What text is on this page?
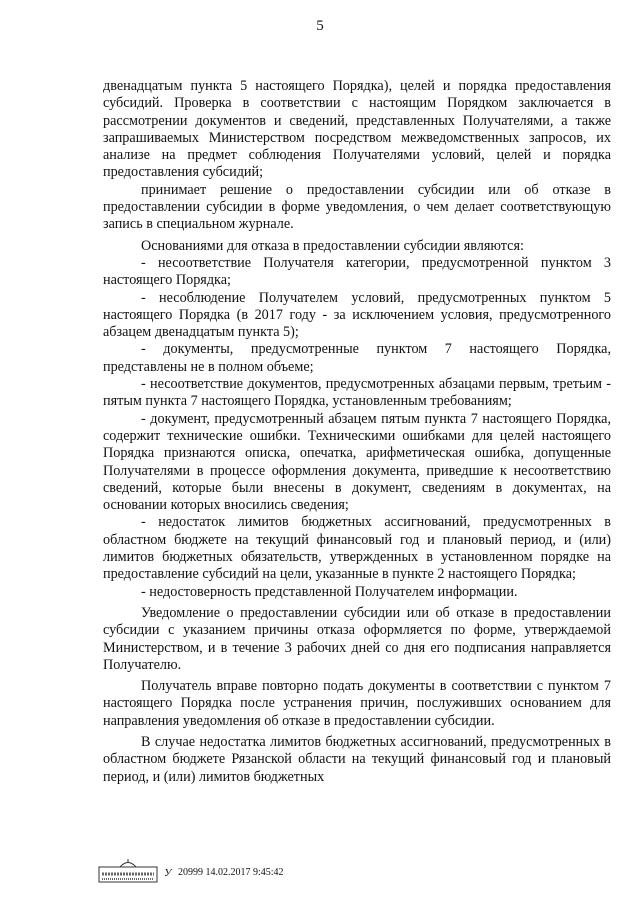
5

двенадцатым пункта 5 настоящего Порядка), целей и порядка предоставления субсидий. Проверка в соответствии с настоящим Порядком заключается в рассмотрении документов и сведений, представленных Получателями, а также запрашиваемых Министерством посредством межведомственных запросов, их анализе на предмет соблюдения Получателями условий, целей и порядка предоставления субсидий;

принимает решение о предоставлении субсидии или об отказе в предоставлении субсидии в форме уведомления, о чем делает соответствующую запись в специальном журнале.

Основаниями для отказа в предоставлении субсидии являются:

- несоответствие Получателя категории, предусмотренной пунктом 3 настоящего Порядка;

- несоблюдение Получателем условий, предусмотренных пунктом 5 настоящего Порядка (в 2017 году - за исключением условия, предусмотренного абзацем двенадцатым пункта 5);

- документы, предусмотренные пунктом 7 настоящего Порядка, представлены не в полном объеме;

- несоответствие документов, предусмотренных абзацами первым, третьим - пятым пункта 7 настоящего Порядка, установленным требованиям;

- документ, предусмотренный абзацем пятым пункта 7 настоящего Порядка, содержит технические ошибки. Техническими ошибками для целей настоящего Порядка признаются описка, опечатка, арифметическая ошибка, допущенные Получателями в процессе оформления документа, приведшие к несоответствию сведений, которые были внесены в документ, сведениям в документах, на основании которых вносились сведения;

- недостаток лимитов бюджетных ассигнований, предусмотренных в областном бюджете на текущий финансовый год и плановый период, и (или) лимитов бюджетных обязательств, утвержденных в установленном порядке на предоставление субсидий на цели, указанные в пункте 2 настоящего Порядка;

- недостоверность представленной Получателем информации.

Уведомление о предоставлении субсидии или об отказе в предоставлении субсидии с указанием причины отказа оформляется по форме, утверждаемой Министерством, и в течение 3 рабочих дней со дня его подписания направляется Получателю.

Получатель вправе повторно подать документы в соответствии с пунктом 7 настоящего Порядка после устранения причин, послуживших основанием для направления уведомления об отказе в предоставлении субсидии.

В случае недостатка лимитов бюджетных ассигнований, предусмотренных в областном бюджете Рязанской области на текущий финансовый год и плановый период, и (или) лимитов бюджетных

У 20999 14.02.2017 9:45:42
